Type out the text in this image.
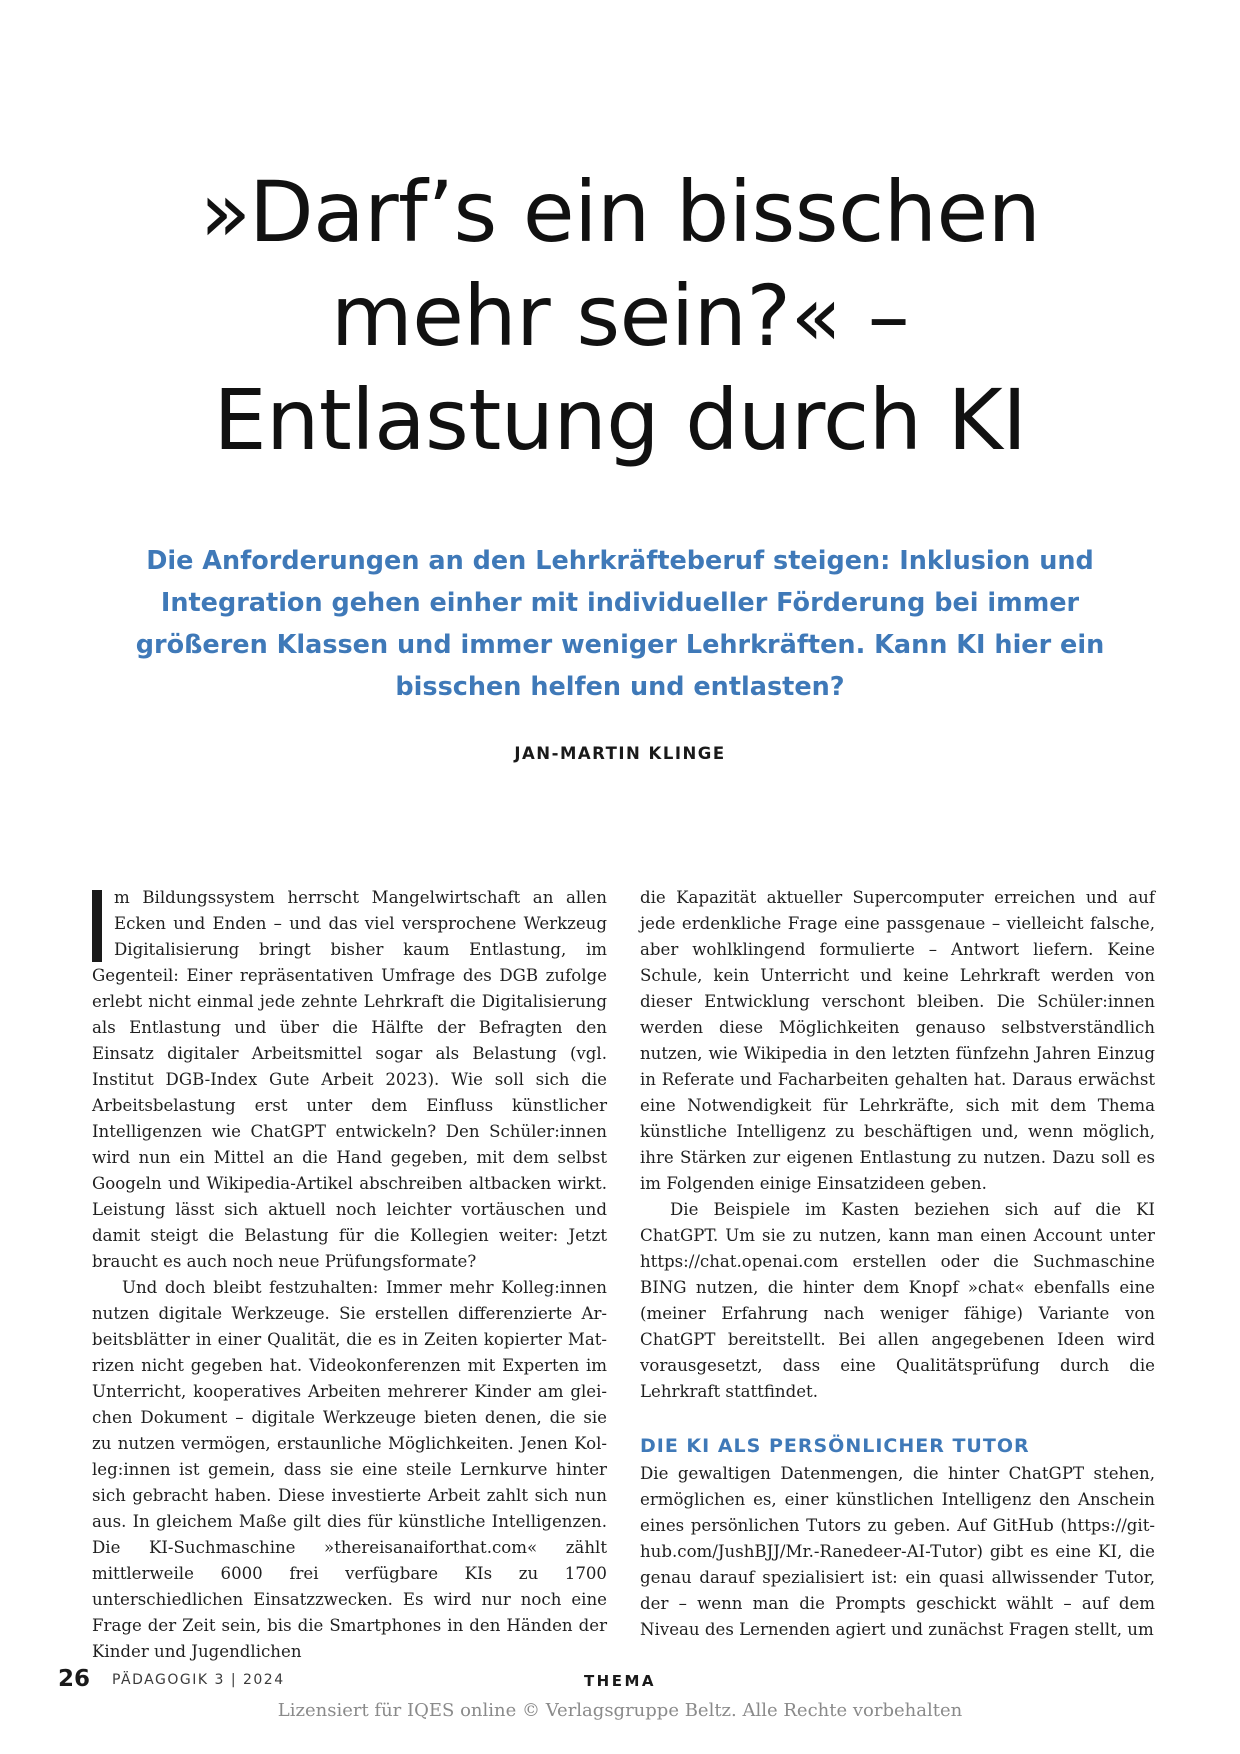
»Darf’s ein bisschen
mehr sein?« –
Entlastung durch KI
Die Anforderungen an den Lehrkräfteberuf steigen: Inklusion und
Integration gehen einher mit individueller Förderung bei immer
größeren Klassen und immer weniger Lehrkräften. Kann KI hier ein
bisschen helfen und entlasten?
JAN-MARTIN KLINGE

m Bildungssystem herrscht Mangelwirtschaft an allen Ecken und Enden – und das viel versprochene Werkzeug Digitalisierung bringt bisher kaum Entlastung, im Gegenteil: Einer repräsentativen Umfrage des DGB zufolge erlebt nicht einmal jede zehnte Lehrkraft die Digitalisierung als Entlastung und über die Hälfte der Befragten den Einsatz digitaler Arbeitsmittel sogar als Belastung (vgl. Institut DGB-Index Gute Arbeit 2023). Wie soll sich die Arbeitsbelastung erst unter dem Einfluss künstlicher Intelligenzen wie ChatGPT entwickeln? Den Schüler:innen wird nun ein Mittel an die Hand gegeben, mit dem selbst Googeln und Wikipedia-Artikel abschreiben altbacken wirkt. Leistung lässt sich aktuell noch leichter vortäuschen und damit steigt die Belastung für die Kollegien weiter: Jetzt braucht es auch noch neue Prüfungsformate?

Und doch bleibt festzuhalten: Immer mehr Kolleg:innen nutzen digitale Werkzeuge. Sie erstellen differenzierte Arbeitsblätter in einer Qualität, die es in Zeiten kopierter Matrizen nicht gegeben hat. Videokonferenzen mit Experten im Unterricht, kooperatives Arbeiten mehrerer Kinder am gleichen Dokument – digitale Werkzeuge bieten denen, die sie zu nutzen vermögen, erstaunliche Möglichkeiten. Jenen Kolleg:innen ist gemein, dass sie eine steile Lernkurve hinter sich gebracht haben. Diese investierte Arbeit zahlt sich nun aus. In gleichem Maße gilt dies für künstliche Intelligenzen. Die KI-Suchmaschine »thereisanaiforthat.com« zählt mittlerweile 6000 frei verfügbare KIs zu 1700 unterschiedlichen Einsatzzwecken. Es wird nur noch eine Frage der Zeit sein, bis die Smartphones in den Händen der Kinder und Jugendlichen

die Kapazität aktueller Supercomputer erreichen und auf jede erdenkliche Frage eine passgenaue – vielleicht falsche, aber wohlklingend formulierte – Antwort liefern. Keine Schule, kein Unterricht und keine Lehrkraft werden von dieser Entwicklung verschont bleiben. Die Schüler:innen werden diese Möglichkeiten genauso selbstverständlich nutzen, wie Wikipedia in den letzten fünfzehn Jahren Einzug in Referate und Facharbeiten gehalten hat. Daraus erwächst eine Notwendigkeit für Lehrkräfte, sich mit dem Thema künstliche Intelligenz zu beschäftigen und, wenn möglich, ihre Stärken zur eigenen Entlastung zu nutzen. Dazu soll es im Folgenden einige Einsatzideen geben.

Die Beispiele im Kasten beziehen sich auf die KI ChatGPT. Um sie zu nutzen, kann man einen Account unter https://chat.openai.com erstellen oder die Suchmaschine BING nutzen, die hinter dem Knopf »chat« ebenfalls eine (meiner Erfahrung nach weniger fähige) Variante von ChatGPT bereitstellt. Bei allen angegebenen Ideen wird vorausgesetzt, dass eine Qualitätsprüfung durch die Lehrkraft stattfindet.

DIE KI ALS PERSÖNLICHER TUTOR

Die gewaltigen Datenmengen, die hinter ChatGPT stehen, ermöglichen es, einer künstlichen Intelligenz den Anschein eines persönlichen Tutors zu geben. Auf GitHub (https://github.com/JushBJJ/Mr.-Ranedeer-AI-Tutor) gibt es eine KI, die genau darauf spezialisiert ist: ein quasi allwissender Tutor, der – wenn man die Prompts geschickt wählt – auf dem Niveau des Lernenden agiert und zunächst Fragen stellt, um

26 PÄDAGOGIK 3 | 2024	THEMA
Lizensiert für IQES online © Verlagsgruppe Beltz. Alle Rechte vorbehalten
